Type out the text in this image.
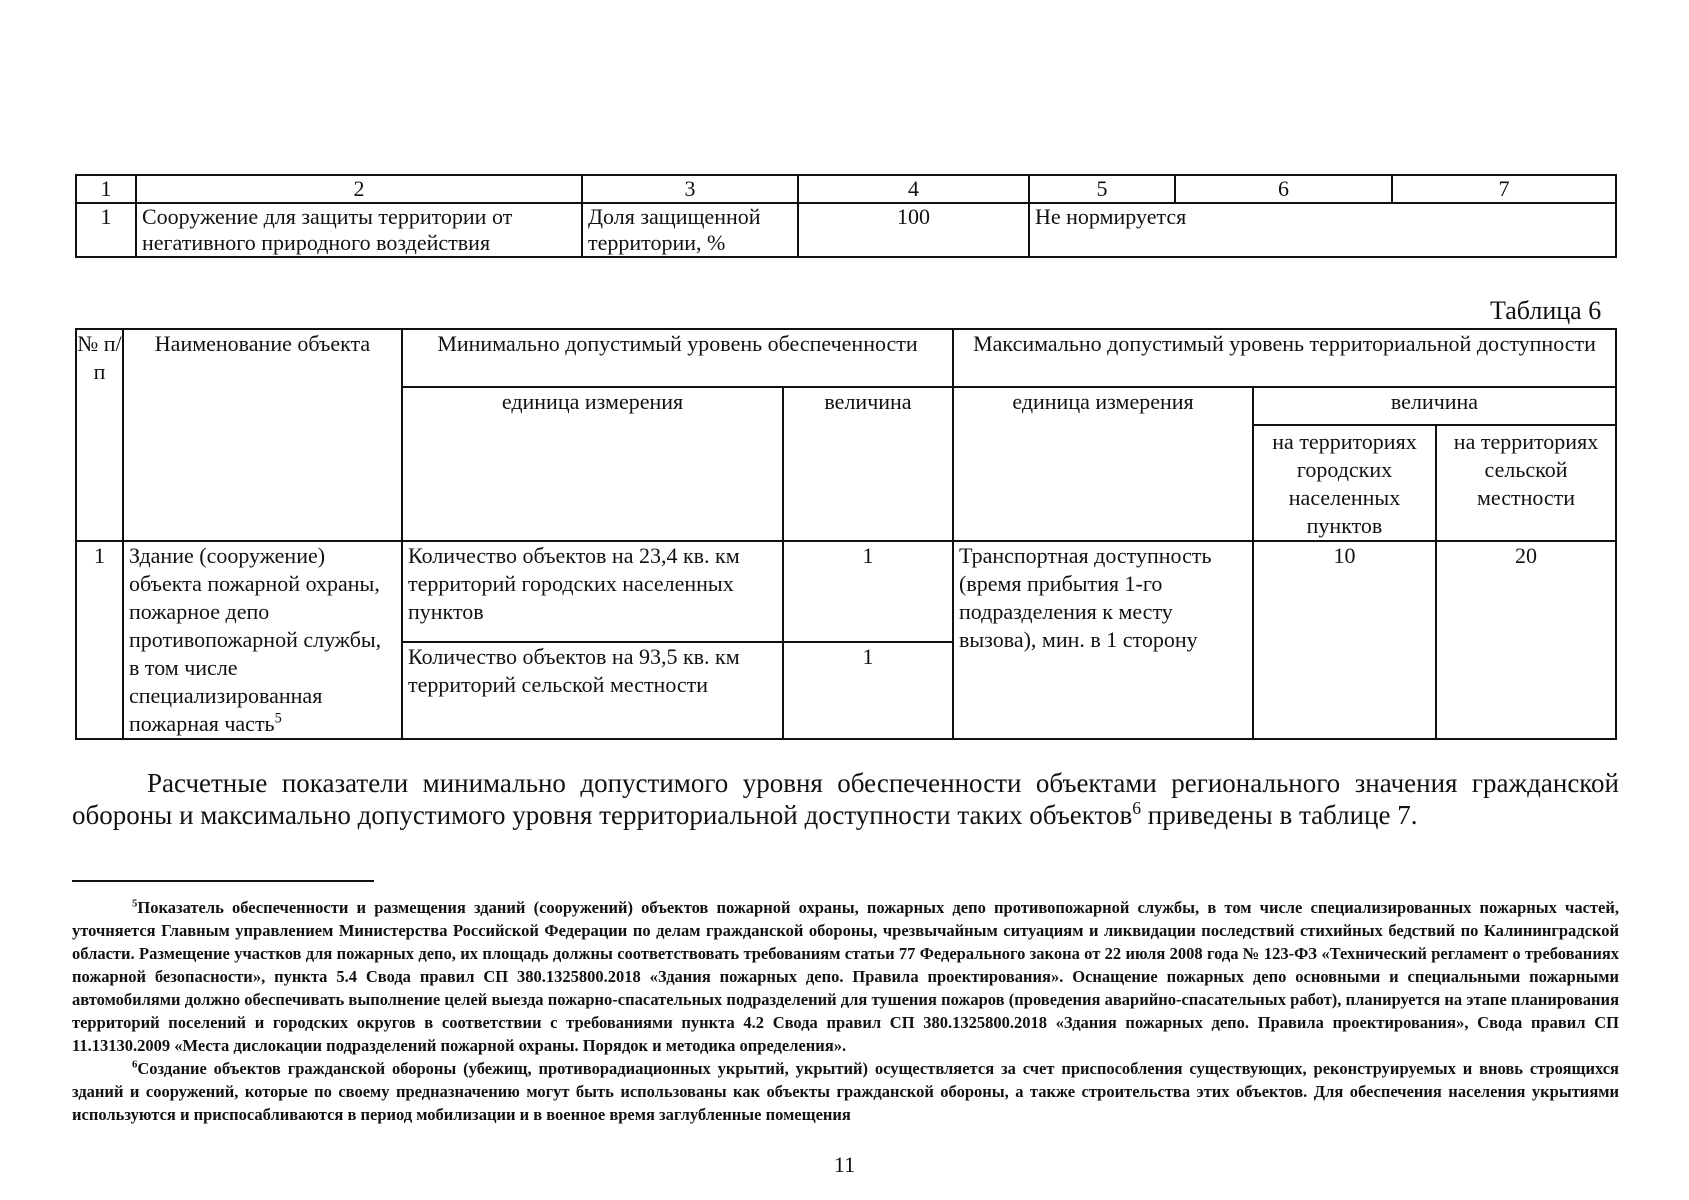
1	2	3	4	5	6	7
1	Сооружение для защиты территории от негативного природного воздействия	Доля защищенной территории, %	100	Не нормируется		
Таблица 6
№ п/п	Наименование объекта	Минимально допустимый уровень обеспеченности		Максимально допустимый уровень территориальной доступности		
		единица измерения	величина	единица измерения	величина	
					на территориях городских населенных пунктов	на территориях сельской местности
1	Здание (сооружение) объекта пожарной охраны, пожарное депо противопожарной службы, в том числе специализированная пожарная часть$^5$	Количество объектов на 23,4 кв. км территорий городских населенных пунктов	1	Транспортная доступность (время прибытия 1-го подразделения к месту вызова), мин. в 1 сторону	10	20
		Количество объектов на 93,5 кв. км территорий сельской местности	1			
Расчетные показатели минимально допустимого уровня обеспеченности объектами регионального значения гражданской обороны и максимально допустимого уровня территориальной доступности таких объектов$^6$ приведены в таблице 7.

$^5$Показатель обеспеченности и размещения зданий (сооружений) объектов пожарной охраны, пожарных депо противопожарной службы, в том числе специализированных пожарных частей, уточняется Главным управлением Министерства Российской Федерации по делам гражданской обороны, чрезвычайным ситуациям и ликвидации последствий стихийных бедствий по Калининградской области. Размещение участков для пожарных депо, их площадь должны соответствовать требованиям статьи 77 Федерального закона от 22 июля 2008 года № 123-ФЗ «Технический регламент о требованиях пожарной безопасности», пункта 5.4 Свода правил СП 380.1325800.2018 «Здания пожарных депо. Правила проектирования». Оснащение пожарных депо основными и специальными пожарными автомобилями должно обеспечивать выполнение целей выезда пожарно-спасательных подразделений для тушения пожаров (проведения аварийно-спасательных работ), планируется на этапе планирования территорий поселений и городских округов в соответствии с требованиями пункта 4.2 Свода правил СП 380.1325800.2018 «Здания пожарных депо. Правила проектирования», Свода правил СП 11.13130.2009 «Места дислокации подразделений пожарной охраны. Порядок и методика определения».

$^6$Создание объектов гражданской обороны (убежищ, противорадиационных укрытий, укрытий) осуществляется за счет приспособления существующих, реконструируемых и вновь строящихся зданий и сооружений, которые по своему предназначению могут быть использованы как объекты гражданской обороны, а также строительства этих объектов. Для обеспечения населения укрытиями используются и приспосабливаются в период мобилизации и в военное время заглубленные помещения

11
